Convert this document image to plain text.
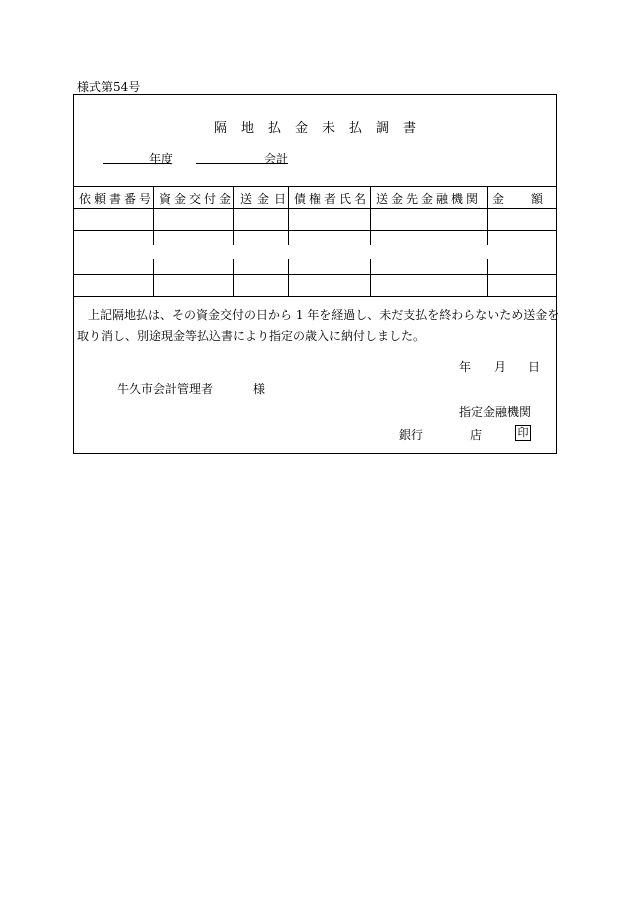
様式第54号
隔地払金未払調書
年度	会計
依頼書番号 資金交付金 送金日 債権者氏名 送金先金融機関 金額
上記隔地払は、その資金交付の日から 1 年を経過し、未だ支払を終わらないため送金を
取り消し、別途現金等払込書により指定の歳入に納付しました。
年 月 日
牛久市会計管理者	様
指定金融機関
銀行	店	印
